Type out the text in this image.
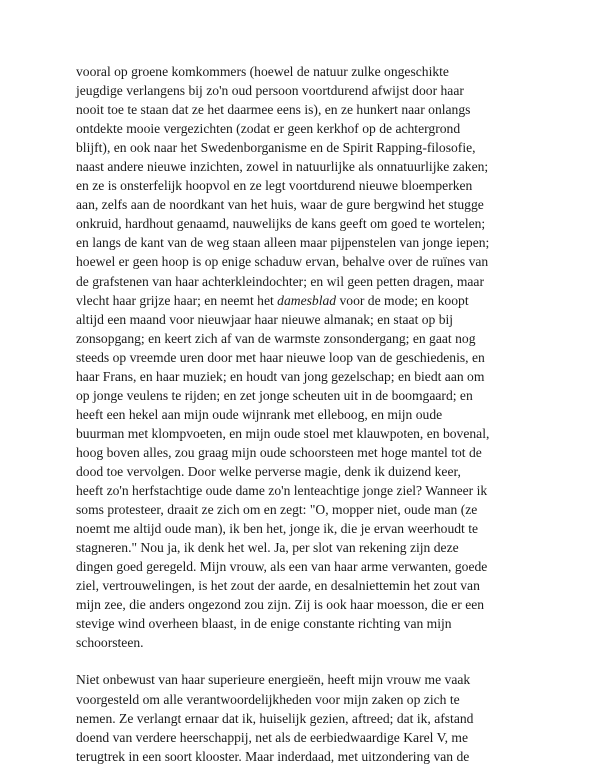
vooral op groene komkommers (hoewel de natuur zulke ongeschikte
jeugdige verlangens bij zo'n oud persoon voortdurend afwijst door haar
nooit toe te staan dat ze het daarmee eens is), en ze hunkert naar onlangs
ontdekte mooie vergezichten (zodat er geen kerkhof op de achtergrond
blijft), en ook naar het Swedenborganisme en de Spirit Rapping-filosofie,
naast andere nieuwe inzichten, zowel in natuurlijke als onnatuurlijke zaken;
en ze is onsterfelijk hoopvol en ze legt voortdurend nieuwe bloemperken
aan, zelfs aan de noordkant van het huis, waar de gure bergwind het stugge
onkruid, hardhout genaamd, nauwelijks de kans geeft om goed te wortelen;
en langs de kant van de weg staan alleen maar pijpenstelen van jonge iepen;
hoewel er geen hoop is op enige schaduw ervan, behalve over de ruïnes van
de grafstenen van haar achterkleindochter; en wil geen petten dragen, maar
vlecht haar grijze haar; en neemt het damesblad voor de mode; en koopt
altijd een maand voor nieuwjaar haar nieuwe almanak; en staat op bij
zonsopgang; en keert zich af van de warmste zonsondergang; en gaat nog
steeds op vreemde uren door met haar nieuwe loop van de geschiedenis, en
haar Frans, en haar muziek; en houdt van jong gezelschap; en biedt aan om
op jonge veulens te rijden; en zet jonge scheuten uit in de boomgaard; en
heeft een hekel aan mijn oude wijnrank met elleboog, en mijn oude
buurman met klompvoeten, en mijn oude stoel met klauwpoten, en bovenal,
hoog boven alles, zou graag mijn oude schoorsteen met hoge mantel tot de
dood toe vervolgen. Door welke perverse magie, denk ik duizend keer,
heeft zo'n herfstachtige oude dame zo'n lenteachtige jonge ziel? Wanneer ik
soms protesteer, draait ze zich om en zegt: "O, mopper niet, oude man (ze
noemt me altijd oude man), ik ben het, jonge ik, die je ervan weerhoudt te
stagneren." Nou ja, ik denk het wel. Ja, per slot van rekening zijn deze
dingen goed geregeld. Mijn vrouw, als een van haar arme verwanten, goede
ziel, vertrouwelingen, is het zout der aarde, en desalniettemin het zout van
mijn zee, die anders ongezond zou zijn. Zij is ook haar moesson, die er een
stevige wind overheen blaast, in de enige constante richting van mijn
schoorsteen.

Niet onbewust van haar superieure energieën, heeft mijn vrouw me vaak
voorgesteld om alle verantwoordelijkheden voor mijn zaken op zich te
nemen. Ze verlangt ernaar dat ik, huiselijk gezien, aftreed; dat ik, afstand
doend van verdere heerschappij, net als de eerbiedwaardige Karel V, me
terugtrek in een soort klooster. Maar inderdaad, met uitzondering van de
